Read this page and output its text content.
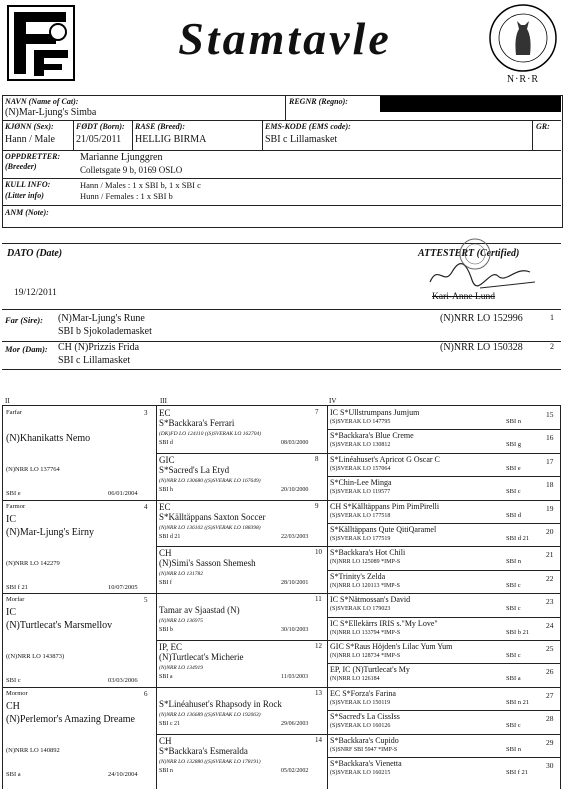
Stamtavle
N·R·R
NAVN (Name of Cat):
(N)Mar-Ljung's Simba
REGNR (Regno):
KJØNN (Sex):
Hann / Male
FØDT (Born):
21/05/2011
RASE (Breed):
HELLIG BIRMA
EMS-KODE (EMS code):
SBI c Lillamasket
GR:
OPPDRETTER:
(Breeder)
Marianne Ljunggren
Colletsgate 9 b, 0169 OSLO
KULL INFO:
(Litter info)
Hann / Males : 1 x SBI b, 1 x SBI c
Hunn / Females : 1 x SBI b
ANM (Note):
DATO (Date)	ATTESTERT (Certified)
19/12/2011	Kari-Anne Lund
Far (Sire): (N)Mar-Ljung's Rune
SBI b Sjokolademasket
(N)NRR LO 152996	1
Mor (Dam): CH (N)Prizzis Frida
SBI c Lillamasket
(N)NRR LO 150328	2
II	III	IV
Farfar	3
(N)Khanikatts Nemo
(N)NRR LO 137764
SBI e	06/01/2004
Farmor	4
IC
(N)Mar-Ljung's Eirny
(N)NRR LO 142279
SBI f 21	10/07/2005
Morfar	5
IC
(N)Turtlecat's Marsmellov
((N)NRR LO 143873)
SBI c	03/03/2006
Mormor	6
CH
(N)Perlemor's Amazing Dreame
(N)NRR LO 140892
SBI a	24/10/2004
7
EC
S*Backkara's Ferrari
(DK)FD LO 124110 ((S)SVERAK LO 162704)
SBI d	08/03/2000
8
GIC
S*Sacred's La Etyd
(N)NRR LO 130680 ((S)SVERAK LO 167649)
SBI h	20/10/2000
9
EC
S*Källtäppans Saxton Soccer
(N)NRR LO 136102 ((S)SVERAK LO 188398)
SBI d 21	22/03/2003
10
CH
(N)Simi's Sasson Shemesh
(N)NRR LO 131782
SBI f	28/10/2001
11
Tamar av Sjaastad (N)
(N)NRR LO 136975
SBI b	30/10/2003
12
IP, EC
(N)Turtlecat's Micherie
(N)NRR LO 134919
SBI a	11/03/2003
13
S*Linéahuset's Rhapsody in Rock
(N)NRR LO 136689 ((S)SVERAK LO 192063)
SBI c 21	29/06/2003
14
CH
S*Backkara's Esmeralda
(N)NRR LO 132880 ((S)SVERAK LO 178191)
SBI n	05/02/2002
IC S*Ullstrumpans Jumjum	15
(S)SVERAK LO 147795	SBI n
S*Backkara's Blue Creme	16
(S)SVERAK LO 130812	SBI g
S*Linéahuset's Apricot G Oscar C	17
(S)SVERAK LO 157064	SBI e
S*Chin-Lee Minga	18
(S)SVERAK LO 119577	SBI c
CH S*Källtäppans Pim PimPirelli	19
(S)SVERAK LO 177518	SBI d
S*Källtäppans Qute QitiQaramel	20
(S)SVERAK LO 177519	SBI d 21
S*Backkara's Hot Chili	21
(N)NRR LO 125089 *IMP-S	SBI n
S*Trinity's Zelda	22
(N)NRR LO 120113 *IMP-S	SBI c
IC S*Nätmossan's David	23
(S)SVERAK LO 179023	SBI c
IC S*Ellekärrs IRIS s."My Love"	24
(N)NRR LO 133794 *IMP-S	SBI b 21
GIC S*Raus Höjden's Lilac Yum Yum	25
(N)NRR LO 128734 *IMP-S	SBI c
EP, IC (N)Turtlecat's My	26
(N)NRR LO 126184	SBI a
EC S*Forza's Farina	27
(S)SVERAK LO 150119	SBI n 21
S*Sacred's La CissIss	28
(S)SVERAK LO 160126	SBI c
S*Backkara's Cupido	29
(S)SNRF SBI 5947 *IMP-S	SBI n
S*Backkara's Vienetta	30
(S)SVERAK LO 160215	SBI f 21
